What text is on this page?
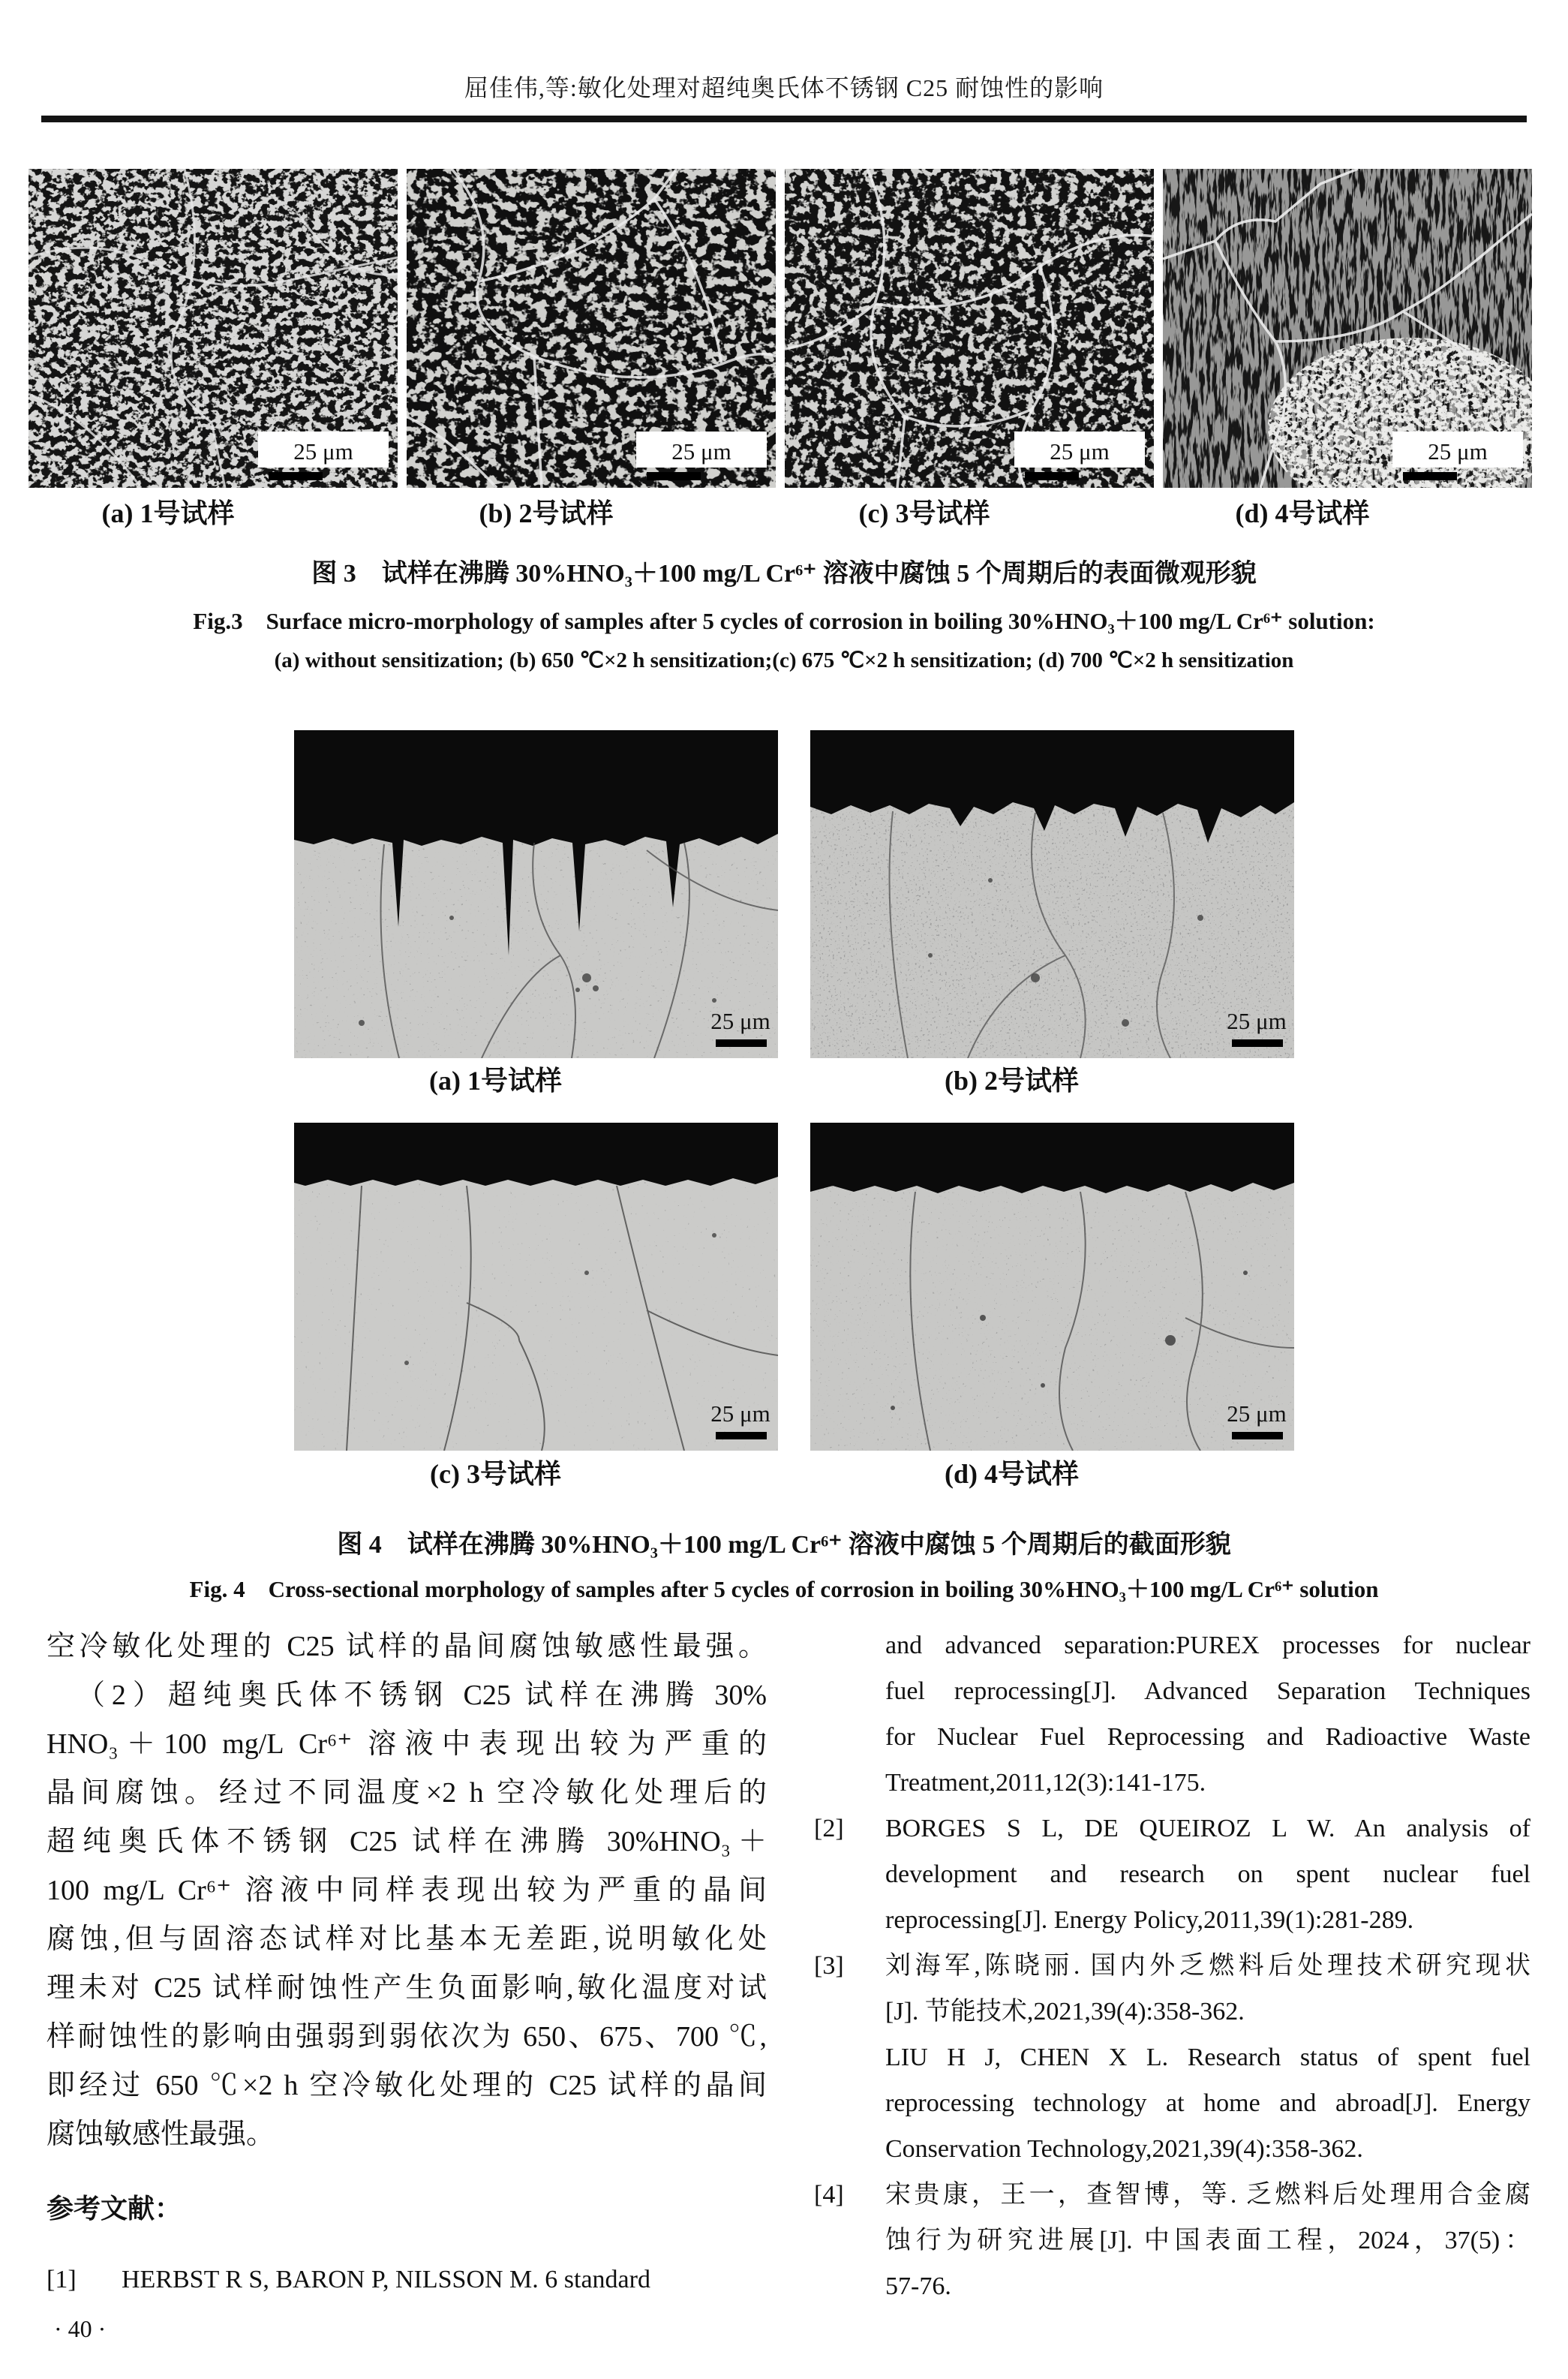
屈佳伟,等:敏化处理对超纯奥氏体不锈钢 C25 耐蚀性的影响
25 μm	25 μm	25 μm	25 μm
(a) 1号试样	(b) 2号试样	(c) 3号试样	(d) 4号试样
图 3　试样在沸腾 30%HNO₃＋100 mg/L Cr⁶⁺ 溶液中腐蚀 5 个周期后的表面微观形貌
Fig.3　Surface micro-morphology of samples after 5 cycles of corrosion in boiling 30%HNO₃＋100 mg/L Cr⁶⁺ solution:
(a) without sensitization; (b) 650 ℃×2 h sensitization;(c) 675 ℃×2 h sensitization; (d) 700 ℃×2 h sensitization
25 μm	25 μm
25 μm	25 μm
(a) 1号试样	(b) 2号试样
(c) 3号试样	(d) 4号试样
图 4　试样在沸腾 30%HNO₃＋100 mg/L Cr⁶⁺ 溶液中腐蚀 5 个周期后的截面形貌
Fig. 4　Cross-sectional morphology of samples after 5 cycles of corrosion in boiling 30%HNO₃＋100 mg/L Cr⁶⁺ solution
空冷敏化处理的 C25 试样的晶间腐蚀敏感性最强。
（2）超纯奥氏体不锈钢 C25 试样在沸腾 30%
HNO₃＋100 mg/L Cr⁶⁺ 溶液中表现出较为严重的
晶间腐蚀。经过不同温度×2 h 空冷敏化处理后的
超纯奥氏体不锈钢 C25 试样在沸腾 30%HNO₃＋
100 mg/L Cr⁶⁺ 溶液中同样表现出较为严重的晶间
腐蚀,但与固溶态试样对比基本无差距,说明敏化处
理未对 C25 试样耐蚀性产生负面影响,敏化温度对试
样耐蚀性的影响由强弱到弱依次为 650、675、700 ℃,
即经过 650 ℃×2 h 空冷敏化处理的 C25 试样的晶间
腐蚀敏感性最强。
参考文献：
[1]	HERBST R S, BARON P, NILSSON M. 6 standard
and advanced separation:PUREX processes for nuclear
fuel reprocessing[J]. Advanced Separation Techniques
for Nuclear Fuel Reprocessing and Radioactive Waste
Treatment,2011,12(3):141-175.
[2]	BORGES S L, DE QUEIROZ L W. An analysis of
development and research on spent nuclear fuel
reprocessing[J]. Energy Policy,2011,39(1):281-289.
[3]	刘海军,陈晓丽. 国内外乏燃料后处理技术研究现状
[J]. 节能技术,2021,39(4):358-362.
LIU H J, CHEN X L. Research status of spent fuel
reprocessing technology at home and abroad[J]. Energy
Conservation Technology,2021,39(4):358-362.
[4]	宋贵康，王一，查智博，等. 乏燃料后处理用合金腐
蚀行为研究进展[J]. 中国表面工程，2024，37(5)：
57-76.
· 40 ·
